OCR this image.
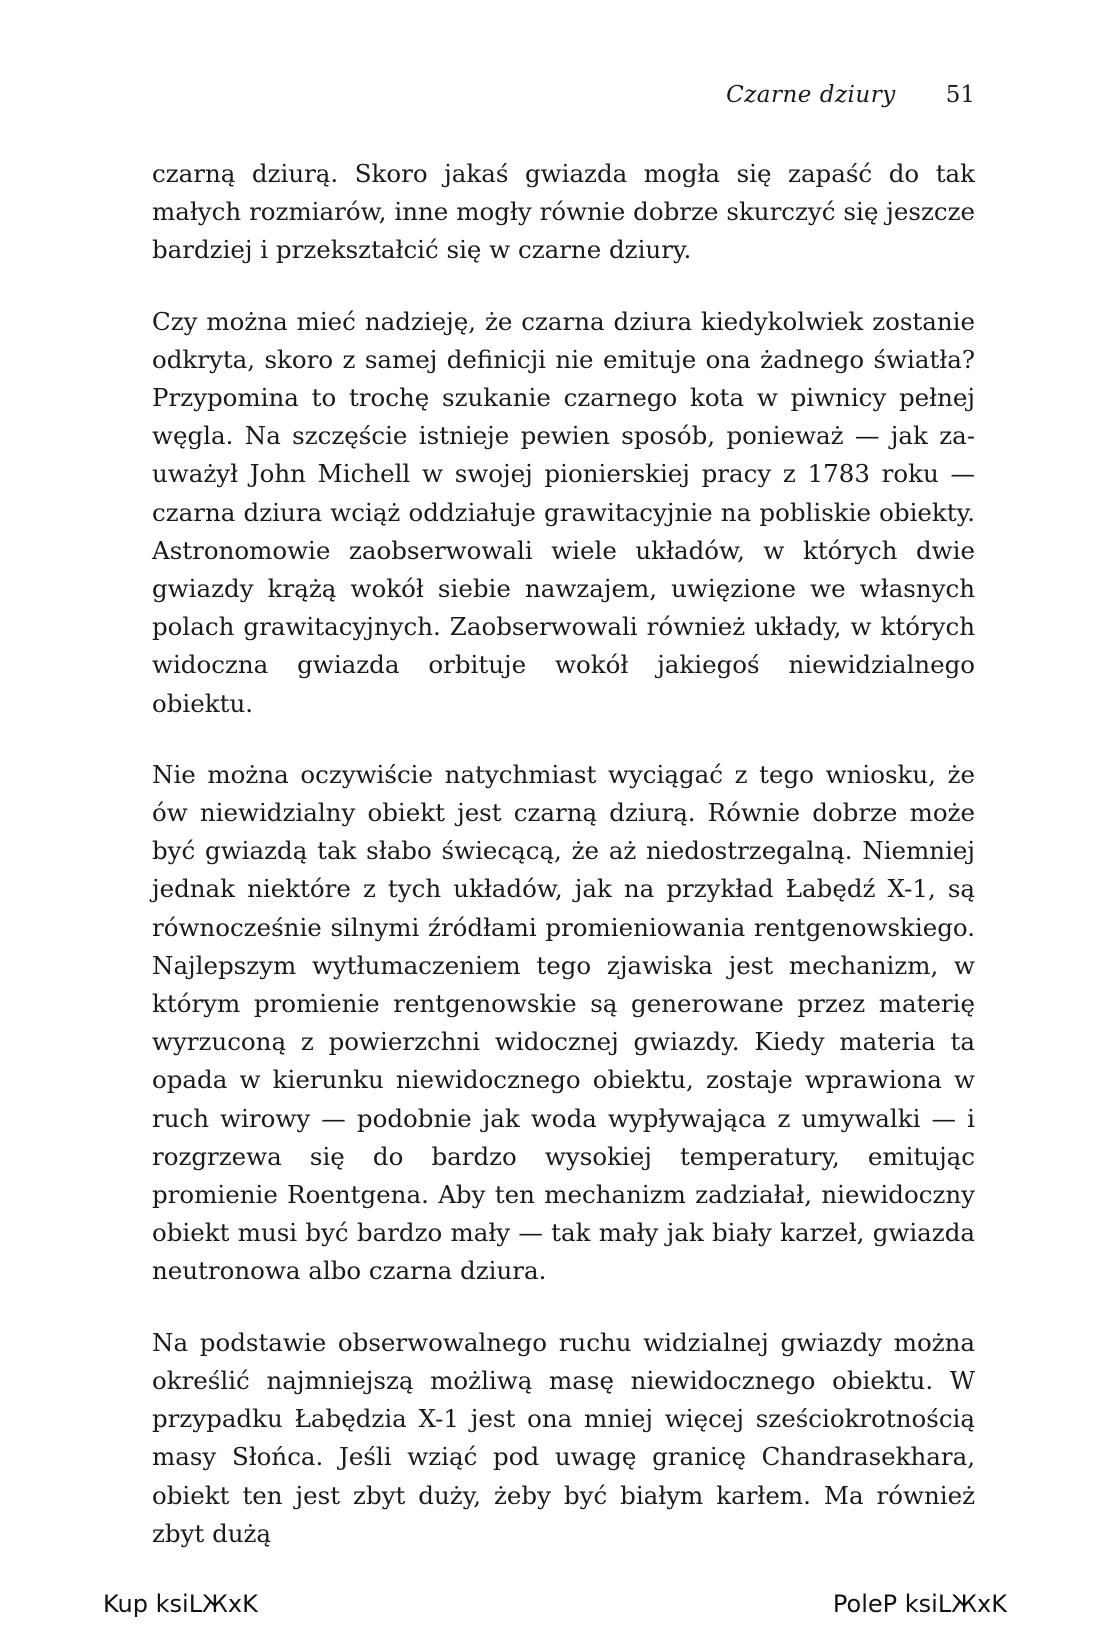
Czarne dziury 51

czarną dziurą. Skoro jakaś gwiazda mogła się zapaść do tak małych rozmiarów, inne mogły równie dobrze skurczyć się jeszcze bardziej i przekształcić się w czarne dziury.

Czy można mieć nadzieję, że czarna dziura kiedykolwiek zostanie odkryta, skoro z samej definicji nie emituje ona żadnego światła? Przypomina to trochę szukanie czarnego kota w piwnicy pełnej węgla. Na szczęście istnieje pewien sposób, ponieważ — jak zauważył John Michell w swojej pionierskiej pracy z 1783 roku — czarna dziura wciąż oddziałuje grawitacyjnie na pobliskie obiekty. Astronomowie zaobserwowali wiele układów, w których dwie gwiazdy krążą wokół siebie nawzajem, uwięzione we własnych polach grawitacyjnych. Zaobserwowali również układy, w których widoczna gwiazda orbituje wokół jakiegoś niewidzialnego obiektu.

Nie można oczywiście natychmiast wyciągać z tego wniosku, że ów niewidzialny obiekt jest czarną dziurą. Równie dobrze może być gwiazdą tak słabo świecącą, że aż niedostrzegalną. Niemniej jednak niektóre z tych układów, jak na przykład Łabędź X-1, są równocześnie silnymi źródłami promieniowania rentgenowskiego. Najlepszym wytłumaczeniem tego zjawiska jest mechanizm, w którym promienie rentgenowskie są generowane przez materię wyrzuconą z powierzchni widocznej gwiazdy. Kiedy materia ta opada w kierunku niewidocznego obiektu, zostaje wprawiona w ruch wirowy — podobnie jak woda wypływająca z umywalki — i rozgrzewa się do bardzo wysokiej temperatury, emitując promienie Roentgena. Aby ten mechanizm zadziałał, niewidoczny obiekt musi być bardzo mały — tak mały jak biały karzeł, gwiazda neutronowa albo czarna dziura.

Na podstawie obserwowalnego ruchu widzialnej gwiazdy można określić najmniejszą możliwą masę niewidocznego obiektu. W przypadku Łabędzia X-1 jest ona mniej więcej sześciokrotnością masy Słońca. Jeśli wziąć pod uwagę granicę Chandrasekhara, obiekt ten jest zbyt duży, żeby być białym karłem. Ma również zbyt dużą

Kup ksiLЖxK	PoleP ksiLЖxK
